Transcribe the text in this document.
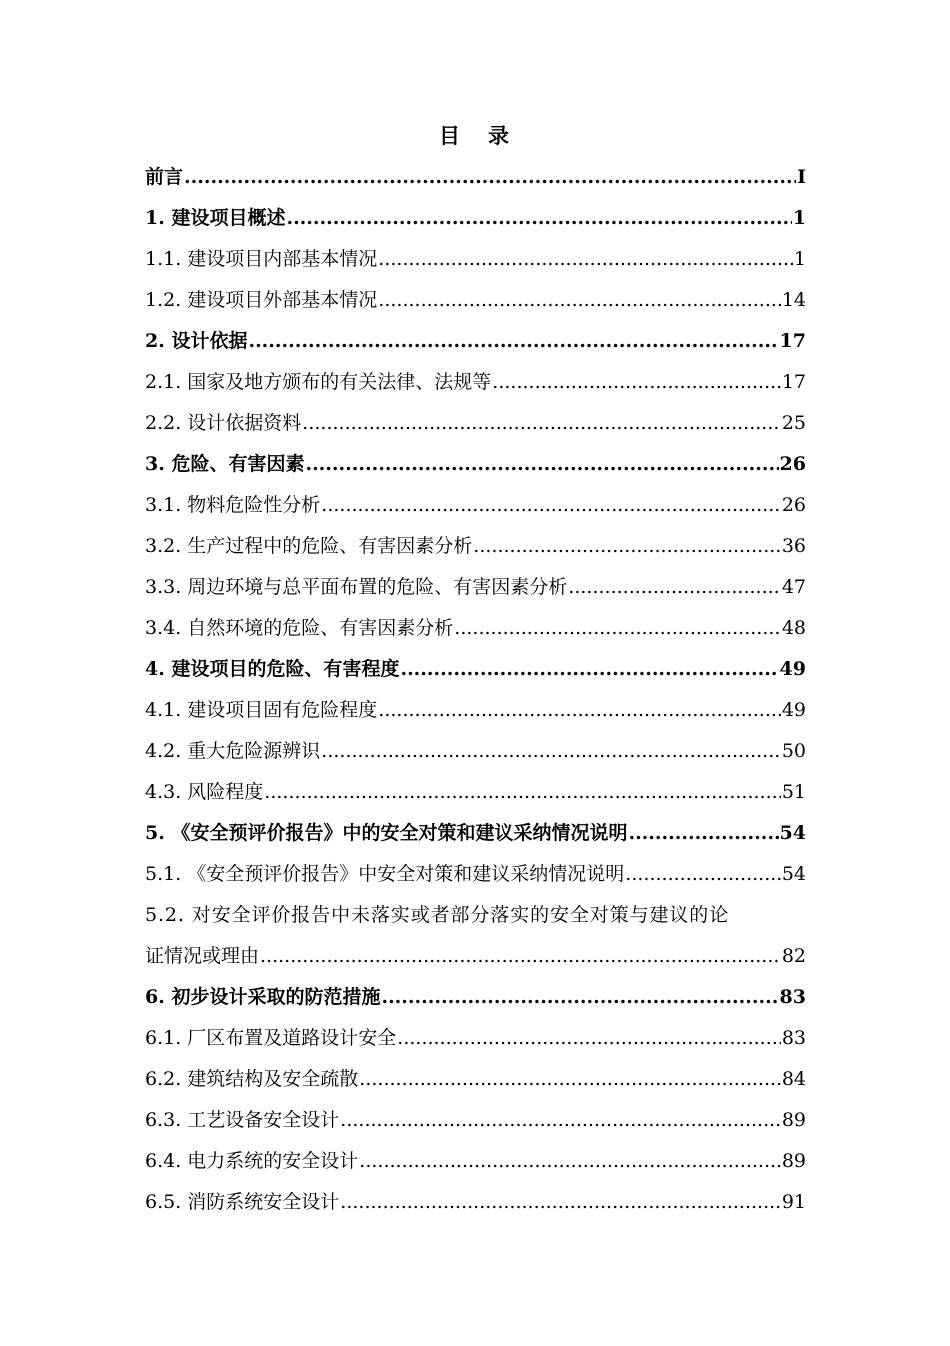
目 录
前言 .....	I
1. 建设项目概述 .....	1
1.1. 建设项目内部基本情况 .....	1
1.2. 建设项目外部基本情况 .....	14
2. 设计依据 .....	17
2.1. 国家及地方颁布的有关法律、法规等 .....	17
2.2. 设计依据资料 .....	25
3. 危险、有害因素 .....	26
3.1. 物料危险性分析 .....	26
3.2. 生产过程中的危险、有害因素分析 .....	36
3.3. 周边环境与总平面布置的危险、有害因素分析 .....	47
3.4. 自然环境的危险、有害因素分析 .....	48
4. 建设项目的危险、有害程度 .....	49
4.1. 建设项目固有危险程度 .....	49
4.2. 重大危险源辨识 .....	50
4.3. 风险程度 .....	51
5. 《安全预评价报告》中的安全对策和建议采纳情况说明 .....	54
5.1. 《安全预评价报告》中安全对策和建议采纳情况说明 .....	54
5.2. 对安全评价报告中未落实或者部分落实的安全对策与建议的论
证情况或理由 .....	82
6. 初步设计采取的防范措施 .....	83
6.1. 厂区布置及道路设计安全 .....	83
6.2. 建筑结构及安全疏散 .....	84
6.3. 工艺设备安全设计 .....	89
6.4. 电力系统的安全设计 .....	89
6.5. 消防系统安全设计 .....	91
